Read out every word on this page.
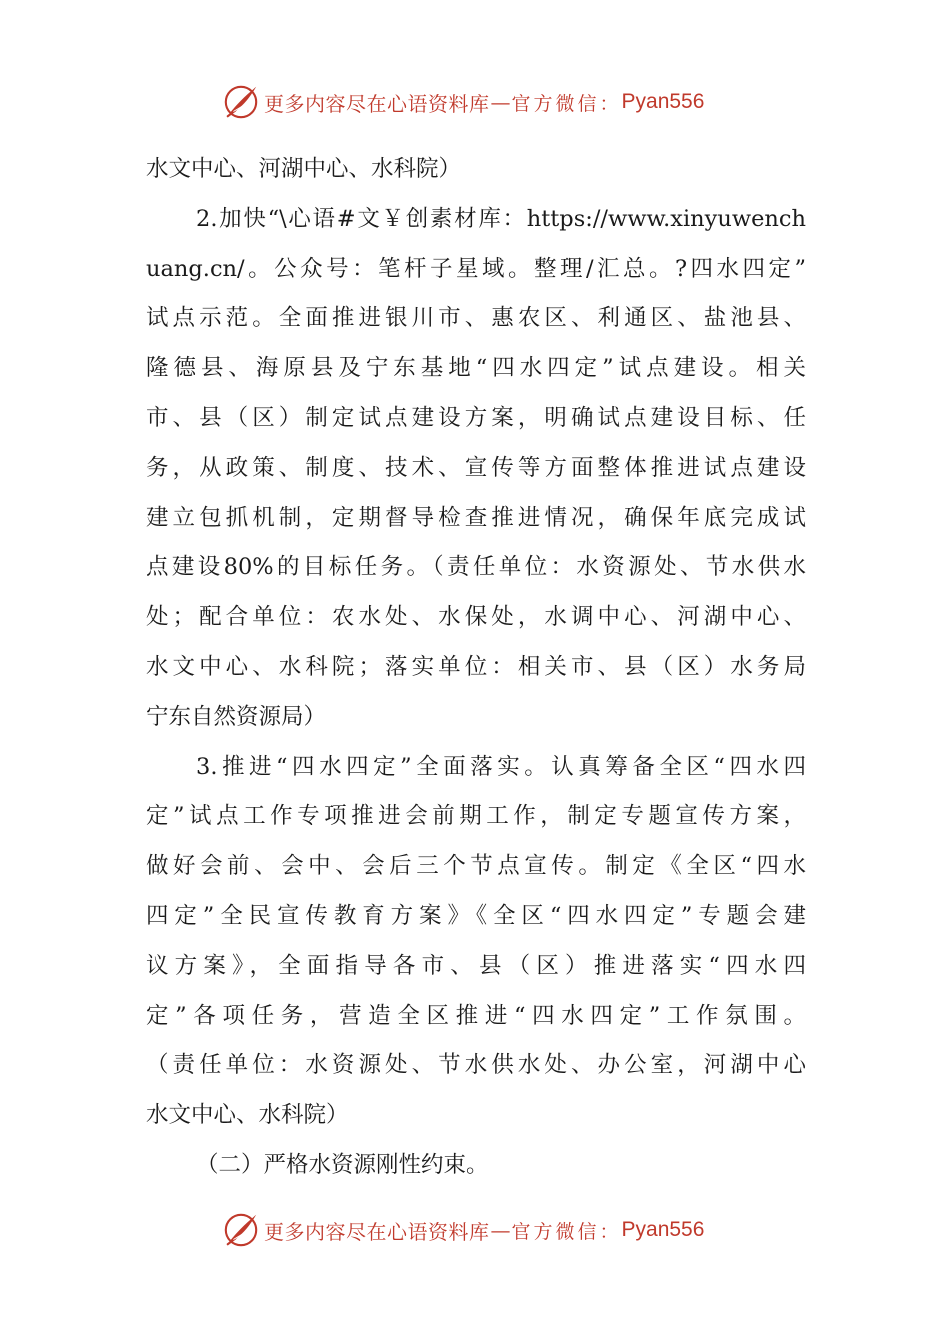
更多内容尽在心语资料库 — 官方微信： Pyan556
水文中心、河湖中心、水科院）
2.加快“\心语#文￥创素材库：https://www.xinyuwench
uang.cn/。公众号：笔杆子星域。整理/汇总。?四水四定”
试点示范。全面推进银川市、惠农区、利通区、盐池县、
隆德县、海原县及宁东基地“四水四定”试点建设。相关
市、县（区）制定试点建设方案，明确试点建设目标、任
务，从政策、制度、技术、宣传等方面整体推进试点建设
建立包抓机制，定期督导检查推进情况，确保年底完成试
点建设80%的目标任务。（责任单位：水资源处、节水供水
处；配合单位：农水处、水保处，水调中心、河湖中心、
水文中心、水科院；落实单位：相关市、县（区）水务局
宁东自然资源局）
3.推进“四水四定”全面落实。认真筹备全区“四水四
定”试点工作专项推进会前期工作，制定专题宣传方案，
做好会前、会中、会后三个节点宣传。制定《全区“四水
四定”全民宣传教育方案》《全区“四水四定”专题会建
议方案》，全面指导各市、县（区）推进落实“四水四
定”各项任务，营造全区推进“四水四定”工作氛围。
（责任单位：水资源处、节水供水处、办公室，河湖中心
水文中心、水科院）
（二）严格水资源刚性约束。
更多内容尽在心语资料库 — 官方微信： Pyan556
